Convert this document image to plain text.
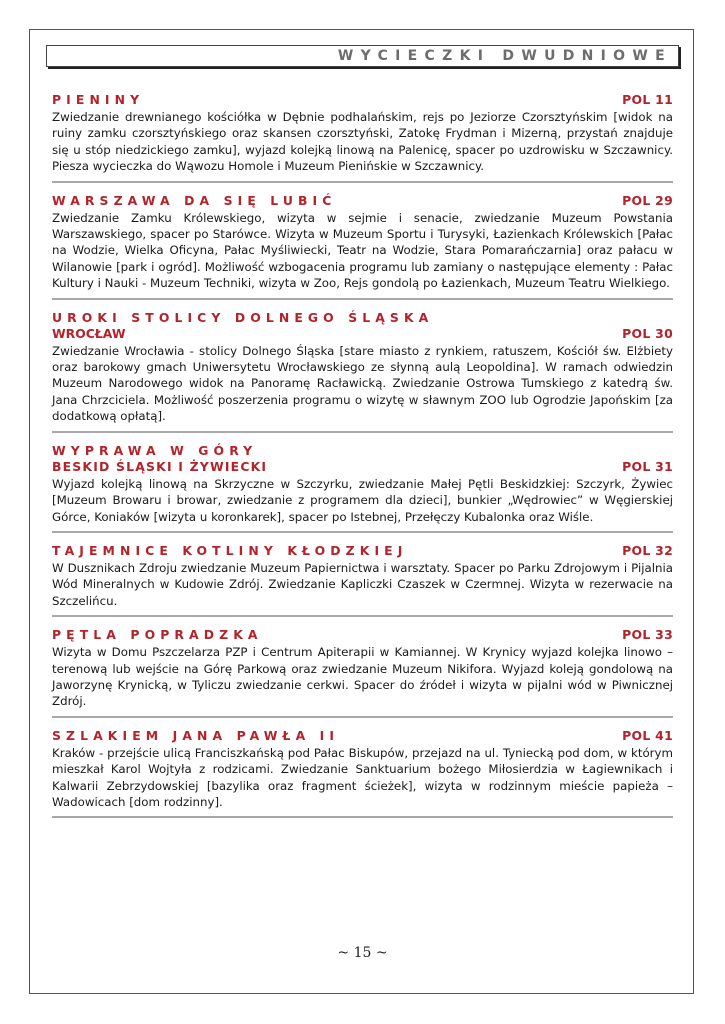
WYCIECZKI DWUDNIOWE
PIENINY	POL 11

Zwiedzanie drewnianego kościółka w Dębnie podhalańskim, rejs po Jeziorze Czorsztyńskim [widok na ruiny zamku czorsztyńskiego oraz skansen czorsztyński, Zatokę Frydman i Mizerną, przystań znajduje się u stóp niedzickiego zamku], wyjazd kolejką linową na Palenicę, spacer po uzdrowisku w Szczawnicy. Piesza wycieczka do Wąwozu Homole i Muzeum Pienińskie w Szczawnicy.

WARSZAWA DA SIĘ LUBIĆ	POL 29

Zwiedzanie Zamku Królewskiego, wizyta w sejmie i senacie, zwiedzanie Muzeum Powstania Warszawskiego, spacer po Starówce. Wizyta w Muzeum Sportu i Turysyki, Łazienkach Królewskich [Pałac na Wodzie, Wielka Oficyna, Pałac Myśliwiecki, Teatr na Wodzie, Stara Pomarańczarnia] oraz pałacu w Wilanowie [park i ogród]. Możliwość wzbogacenia programu lub zamiany o następujące elementy : Pałac Kultury i Nauki - Muzeum Techniki, wizyta w Zoo, Rejs gondolą po Łazienkach, Muzeum Teatru Wielkiego.

UROKI STOLICY DOLNEGO ŚLĄSKA
WROCŁAW	POL 30

Zwiedzanie Wrocławia - stolicy Dolnego Śląska [stare miasto z rynkiem, ratuszem, Kościół św. Elżbiety oraz barokowy gmach Uniwersytetu Wrocławskiego ze słynną aulą Leopoldina]. W ramach odwiedzin Muzeum Narodowego widok na Panoramę Racławicką. Zwiedzanie Ostrowa Tumskiego z katedrą św. Jana Chrzciciela. Możliwość poszerzenia programu o wizytę w sławnym ZOO lub Ogrodzie Japońskim [za dodatkową opłatą].

WYPRAWA W GÓRY
BESKID ŚLĄSKI I ŻYWIECKI	POL 31

Wyjazd kolejką linową na Skrzyczne w Szczyrku, zwiedzanie Małej Pętli Beskidzkiej: Szczyrk, Żywiec [Muzeum Browaru i browar, zwiedzanie z programem dla dzieci], bunkier „Wędrowiec” w Węgierskiej Górce, Koniaków [wizyta u koronkarek], spacer po Istebnej, Przełęczy Kubalonka oraz Wiśle.

TAJEMNICE KOTLINY KŁODZKIEJ	POL 32

W Dusznikach Zdroju zwiedzanie Muzeum Papiernictwa i warsztaty. Spacer po Parku Zdrojowym i Pijalnia Wód Mineralnych w Kudowie Zdrój. Zwiedzanie Kapliczki Czaszek w Czermnej. Wizyta w rezerwacie na Szczelińcu.

PĘTLA POPRADZKA	POL 33

Wizyta w Domu Pszczelarza PZP i Centrum Apiterapii w Kamiannej. W Krynicy wyjazd kolejka linowo – terenową lub wejście na Górę Parkową oraz zwiedzanie Muzeum Nikifora. Wyjazd koleją gondolową na Jaworzynę Krynicką, w Tyliczu zwiedzanie cerkwi. Spacer do źródeł i wizyta w pijalni wód w Piwnicznej Zdrój.

SZLAKIEM JANA PAWŁA II	POL 41

Kraków - przejście ulicą Franciszkańską pod Pałac Biskupów, przejazd na ul. Tyniecką pod dom, w którym mieszkał Karol Wojtyła z rodzicami. Zwiedzanie Sanktuarium bożego Miłosierdzia w Łagiewnikach i Kalwarii Zebrzydowskiej [bazylika oraz fragment ścieżek], wizyta w rodzinnym mieście papieża – Wadowicach [dom rodzinny].

~ 15 ~
